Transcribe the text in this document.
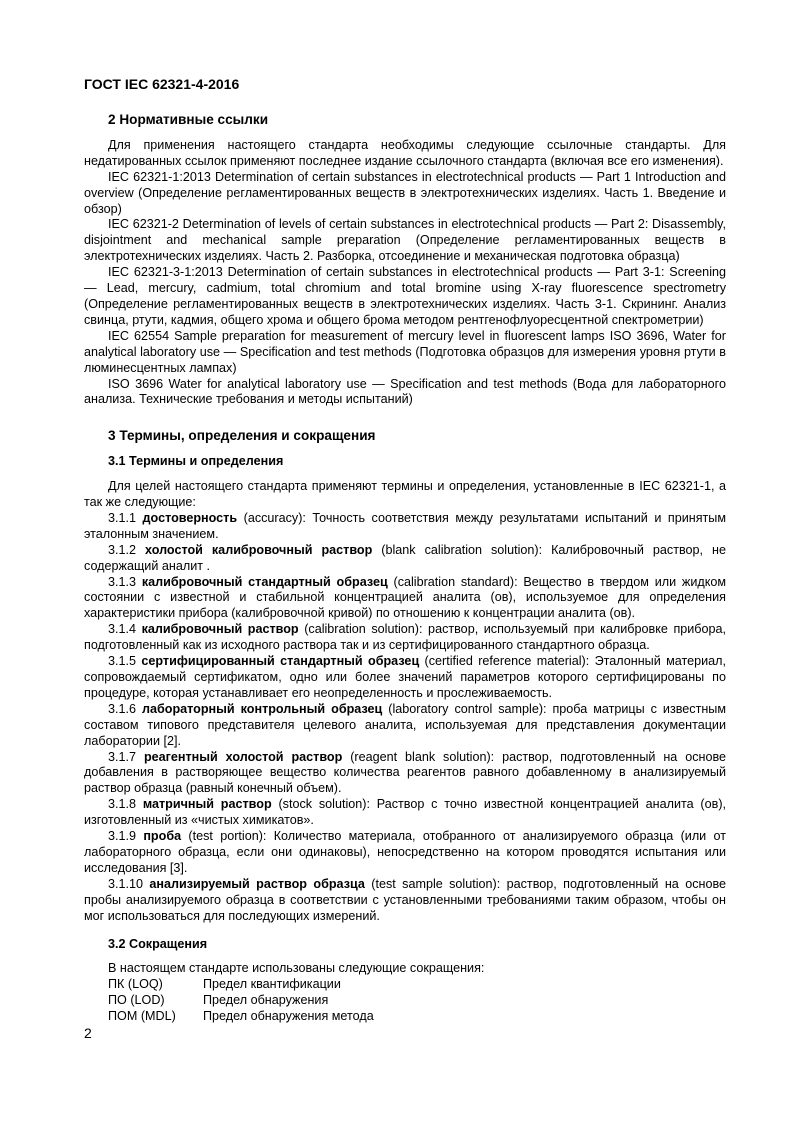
ГОСТ IEC 62321-4-2016
2 Нормативные ссылки

Для применения настоящего стандарта необходимы следующие ссылочные стандарты. Для недатированных ссылок применяют последнее издание ссылочного стандарта (включая все его изменения).

IEC 62321-1:2013 Determination of certain substances in electrotechnical products — Part 1 Introduction and overview (Определение регламентированных веществ в электротехнических изделиях. Часть 1. Введение и обзор)

IEC 62321-2 Determination of levels of certain substances in electrotechnical products — Part 2: Disassembly, disjointment and mechanical sample preparation (Определение регламентированных веществ в электротехнических изделиях. Часть 2. Разборка, отсоединение и механическая подготовка образца)

IEC 62321-3-1:2013 Determination of certain substances in electrotechnical products — Part 3-1: Screening — Lead, mercury, cadmium, total chromium and total bromine using X-ray fluorescence spectrometry (Определение регламентированных веществ в электротехнических изделиях. Часть 3-1. Скрининг. Анализ свинца, ртути, кадмия, общего хрома и общего брома методом рентгенофлуоресцентной спектрометрии)

IEC 62554 Sample preparation for measurement of mercury level in fluorescent lamps ISO 3696, Water for analytical laboratory use — Specification and test methods (Подготовка образцов для измерения уровня ртути в люминесцентных лампах)

ISO 3696 Water for analytical laboratory use — Specification and test methods (Вода для лабораторного анализа. Технические требования и методы испытаний)

3 Термины, определения и сокращения
3.1 Термины и определения

Для целей настоящего стандарта применяют термины и определения, установленные в IEC 62321-1, а так же следующие:

3.1.1 достоверность (accuracy): Точность соответствия между результатами испытаний и принятым эталонным значением.

3.1.2 холостой калибровочный раствор (blank calibration solution): Калибровочный раствор, не содержащий аналит .

3.1.3 калибровочный стандартный образец (calibration standard): Вещество в твердом или жидком состоянии с известной и стабильной концентрацией аналита (ов), используемое для определения характеристики прибора (калибровочной кривой) по отношению к концентрации аналита (ов).

3.1.4 калибровочный раствор (calibration solution): раствор, используемый при калибровке прибора, подготовленный как из исходного раствора так и из сертифицированного стандартного образца.

3.1.5 сертифицированный стандартный образец (certified reference material): Эталонный материал, сопровождаемый сертификатом, одно или более значений параметров которого сертифицированы по процедуре, которая устанавливает его неопределенность и прослеживаемость.

3.1.6 лабораторный контрольный образец (laboratory control sample): проба матрицы с известным составом типового представителя целевого аналита, используемая для представления документации лаборатории [2].

3.1.7 реагентный холостой раствор (reagent blank solution): раствор, подготовленный на основе добавления в растворяющее вещество количества реагентов равного добавленному в анализируемый раствор образца (равный конечный объем).

3.1.8 матричный раствор (stock solution): Раствор с точно известной концентрацией аналита (ов), изготовленный из «чистых химикатов».

3.1.9 проба (test portion): Количество материала, отобранного от анализируемого образца (или от лабораторного образца, если они одинаковы), непосредственно на котором проводятся испытания или исследования [3].

3.1.10 анализируемый раствор образца (test sample solution): раствор, подготовленный на основе пробы анализируемого образца в соответствии с установленными требованиями таким образом, чтобы он мог использоваться для последующих измерений.

3.2 Сокращения

В настоящем стандарте использованы следующие сокращения:

ПК (LOQ)	Предел квантификации
ПО (LOD)	Предел обнаружения
ПОМ (MDL)	Предел обнаружения метода
2
